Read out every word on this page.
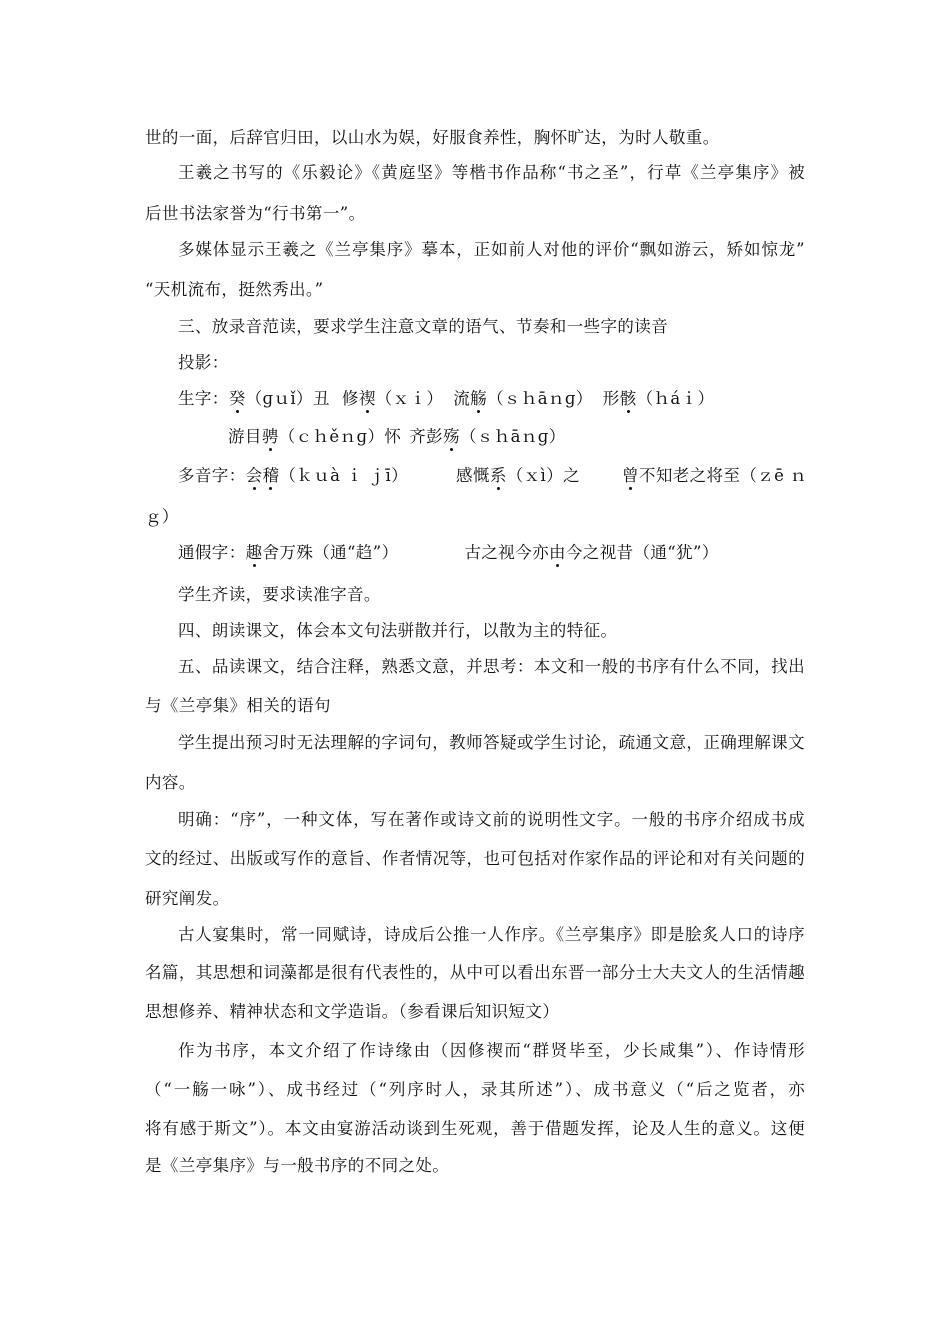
世的一面，后辞官归田，以山水为娱，好服食养性，胸怀旷达，为时人敬重。
王羲之书写的《乐毅论》《黄庭坚》等楷书作品称“书之圣”，行草《兰亭集序》被
后世书法家誉为“行书第一”。
多媒体显示王羲之《兰亭集序》摹本，正如前人对他的评价“飘如游云，矫如惊龙”
“天机流布，挺然秀出。”
三、放录音范读，要求学生注意文章的语气、节奏和一些字的读音
投影：
生字：癸（ɡｕǐ）丑 修禊（ｘｉ） 流觞（ｓｈāｎɡ） 形骸（ｈáｉ）
游目骋（ｃｈěｎɡ）怀 齐彭殇（ｓｈāｎɡ）
多音字：会稽（ｋｕà ｉ ｊī）	感慨系（ｘì）之	曾不知老之将至（ｚē ｎ
ｇ）
通假字：趣舍万殊（通“趋”）	古之视今亦由今之视昔（通“犹”）
学生齐读，要求读准字音。
四、朗读课文，体会本文句法骈散并行，以散为主的特征。
五、品读课文，结合注释，熟悉文意，并思考：本文和一般的书序有什么不同，找出
与《兰亭集》相关的语句
学生提出预习时无法理解的字词句，教师答疑或学生讨论，疏通文意，正确理解课文
内容。
明确：“序”，一种文体，写在著作或诗文前的说明性文字。一般的书序介绍成书成
文的经过、出版或写作的意旨、作者情况等，也可包括对作家作品的评论和对有关问题的
研究阐发。
古人宴集时，常一同赋诗，诗成后公推一人作序。《兰亭集序》即是脍炙人口的诗序
名篇，其思想和词藻都是很有代表性的，从中可以看出东晋一部分士大夫文人的生活情趣
思想修养、精神状态和文学造诣。（参看课后知识短文）
作为书序，本文介绍了作诗缘由（因修禊而“群贤毕至，少长咸集”）、作诗情形
（“一觞一咏”）、成书经过（“列序时人，录其所述”）、成书意义（“后之览者，亦
将有感于斯文”）。本文由宴游活动谈到生死观，善于借题发挥，论及人生的意义。这便
是《兰亭集序》与一般书序的不同之处。
